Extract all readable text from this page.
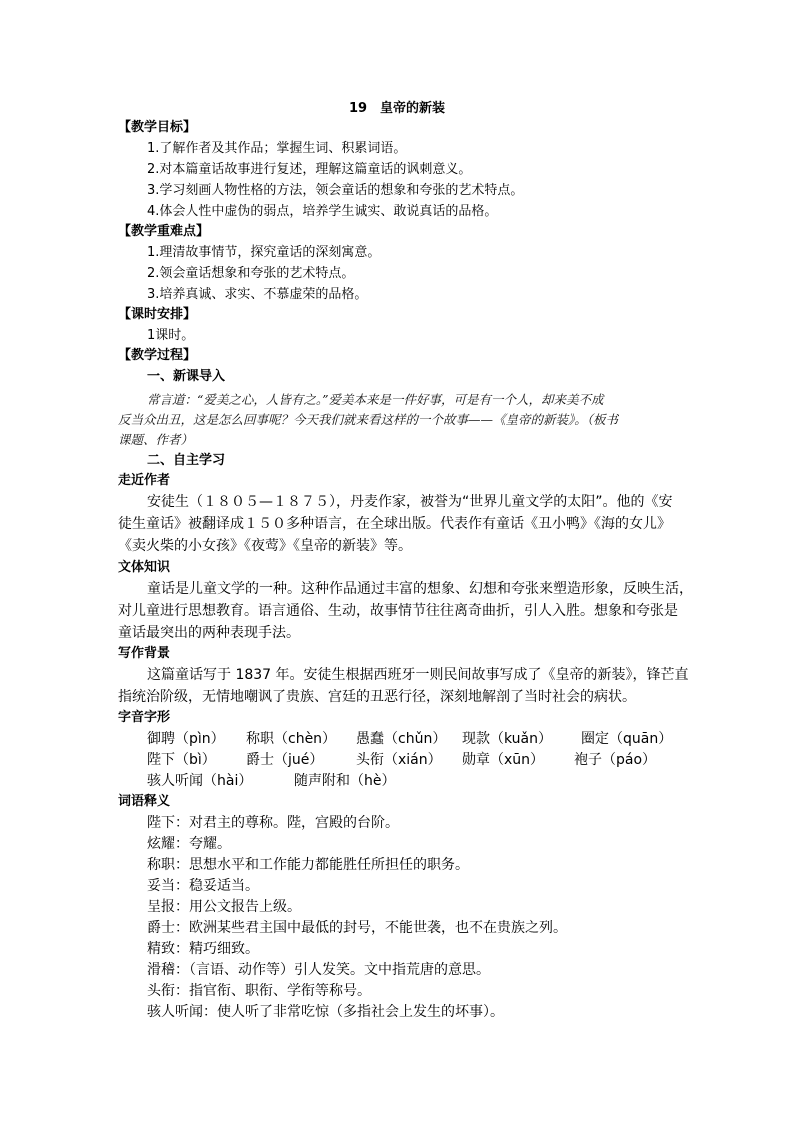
19　皇帝的新装
【教学目标】
1.了解作者及其作品；掌握生词、积累词语。
2.对本篇童话故事进行复述，理解这篇童话的讽刺意义。
3.学习刻画人物性格的方法，领会童话的想象和夸张的艺术特点。
4.体会人性中虚伪的弱点，培养学生诚实、敢说真话的品格。
【教学重难点】
1.理清故事情节，探究童话的深刻寓意。
2.领会童话想象和夸张的艺术特点。
3.培养真诚、求实、不慕虚荣的品格。
【课时安排】
1课时。
【教学过程】
一、新课导入
常言道：“爱美之心，人皆有之。”爱美本来是一件好事，可是有一个人，却来美不成
反当众出丑，这是怎么回事呢？今天我们就来看这样的一个故事——《皇帝的新装》。（板书
课题、作者）
二、自主学习
走近作者
安徒生（１８０５—１８７５），丹麦作家，被誉为“世界儿童文学的太阳”。他的《安
徒生童话》被翻译成１５０多种语言，在全球出版。代表作有童话《丑小鸭》《海的女儿》
《卖火柴的小女孩》《夜莺》《皇帝的新装》等。
文体知识
童话是儿童文学的一种。这种作品通过丰富的想象、幻想和夸张来塑造形象，反映生活，
对儿童进行思想教育。语言通俗、生动，故事情节往往离奇曲折，引人入胜。想象和夸张是
童话最突出的两种表现手法。
写作背景
这篇童话写于 1837 年。安徒生根据西班牙一则民间故事写成了《皇帝的新装》，锋芒直
指统治阶级，无情地嘲讽了贵族、宫廷的丑恶行径，深刻地解剖了当时社会的病状。
字音字形
御聘（pìn） 称职（chèn） 愚蠢（chǔn） 现款（kuǎn） 圈定（quān）
陛下（bì） 爵士（jué） 头衔（xián） 勋章（xūn） 袍子（páo）
骇人听闻（hài）	随声附和（hè）
词语释义
陛下：对君主的尊称。陛，宫殿的台阶。
炫耀：夸耀。
称职：思想水平和工作能力都能胜任所担任的职务。
妥当：稳妥适当。
呈报：用公文报告上级。
爵士：欧洲某些君主国中最低的封号，不能世袭，也不在贵族之列。
精致：精巧细致。
滑稽：（言语、动作等）引人发笑。文中指荒唐的意思。
头衔：指官衔、职衔、学衔等称号。
骇人听闻：使人听了非常吃惊（多指社会上发生的坏事）。
